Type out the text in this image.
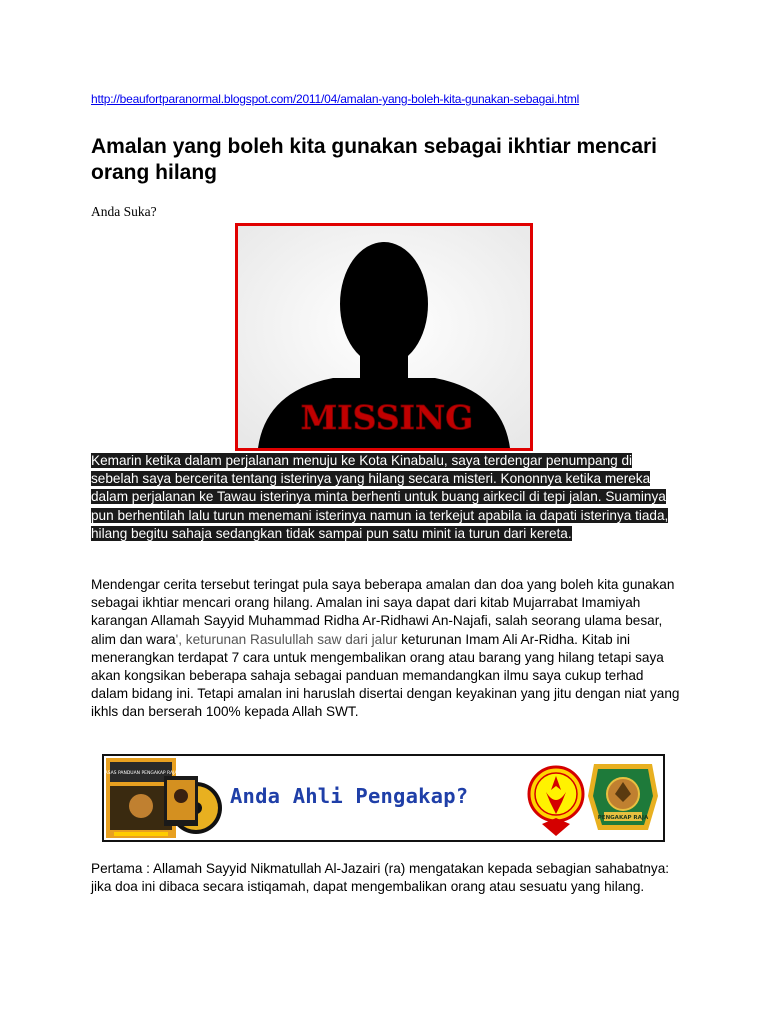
http://beaufortparanormal.blogspot.com/2011/04/amalan-yang-boleh-kita-gunakan-sebagai.html
Amalan yang boleh kita gunakan sebagai ikhtiar mencari orang hilang
Anda Suka?
MISSING
Kemarin ketika dalam perjalanan menuju ke Kota Kinabalu, saya terdengar penumpang di sebelah saya bercerita tentang isterinya yang hilang secara misteri. Kononnya ketika mereka dalam perjalanan ke Tawau isterinya minta berhenti untuk buang airkecil di tepi jalan. Suaminya pun berhentilah lalu turun menemani isterinya namun ia terkejut apabila ia dapati isterinya tiada, hilang begitu sahaja sedangkan tidak sampai pun satu minit ia turun dari kereta.

Mendengar cerita tersebut teringat pula saya beberapa amalan dan doa yang boleh kita gunakan sebagai ikhtiar mencari orang hilang. Amalan ini saya dapat dari kitab Mujarrabat Imamiyah karangan Allamah Sayyid Muhammad Ridha Ar-Ridhawi An-Najafi, salah seorang ulama besar, alim dan wara', keturunan Rasulullah saw dari jalur keturunan Imam Ali Ar-Ridha. Kitab ini menerangkan terdapat 7 cara untuk mengembalikan orang atau barang yang hilang tetapi saya akan kongsikan beberapa sahaja sebagai panduan memandangkan ilmu saya cukup terhad dalam bidang ini. Tetapi amalan ini haruslah disertai dengan keyakinan yang jitu dengan niat yang ikhls dan berserah 100% kepada Allah SWT.

ASAS PANDUAN PENGAKAP RAJA
Anda Ahli Pengakap?
PENGAKAP RAJA

Pertama : Allamah Sayyid Nikmatullah Al-Jazairi (ra) mengatakan kepada sebagian sahabatnya: jika doa ini dibaca secara istiqamah, dapat mengembalikan orang atau sesuatu yang hilang.
